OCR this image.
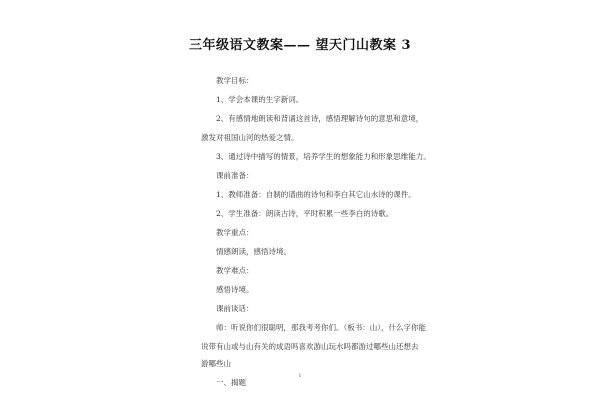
三年级语文教案—— 望天门山教案 3
教学目标：
1、学会本课的生字新词。
2、有感情地朗读和背诵这首诗，感悟理解诗句的意思和意境，
激发对祖国山河的热爱之情。
3、通过诗中描写的情景，培养学生的想象能力和形象思维能力。
课前准备：
1、教师准备：自制的谱曲的诗句和李白其它山水诗的课件。
2、学生准备：朗读古诗，平时积累一些李白的诗歌。
教学重点：
情感朗读，感悟诗境。
教学难点：
感悟诗境。
课前谈话：
师：听说你们很聪明，那我考考你们。（板书：山），什么字你能
说带有山或与山有关的成语吗喜欢游山玩水吗都游过哪些山还想去
游哪些山
一、揭题
1
